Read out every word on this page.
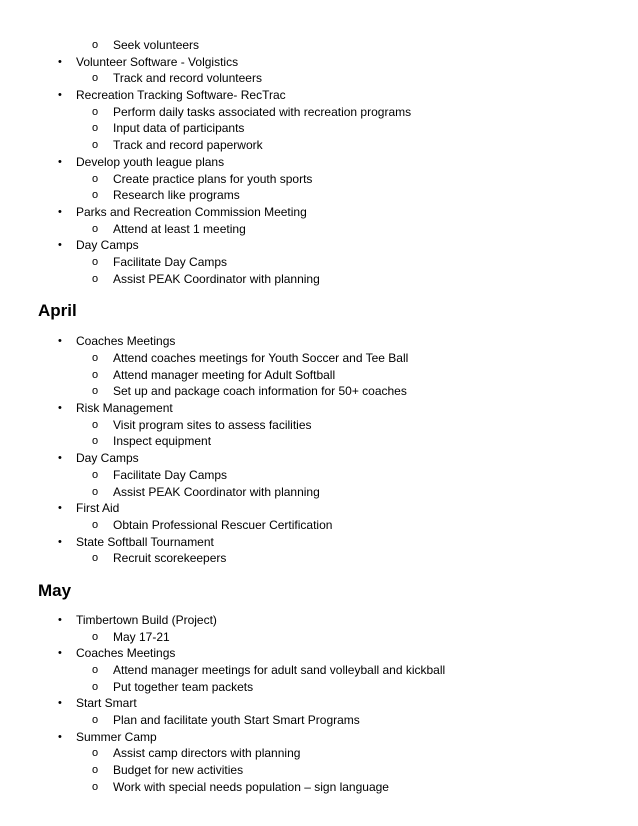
o Seek volunteers
• Volunteer Software - Volgistics
o Track and record volunteers
• Recreation Tracking Software- RecTrac
o Perform daily tasks associated with recreation programs
o Input data of participants
o Track and record paperwork
• Develop youth league plans
o Create practice plans for youth sports
o Research like programs
• Parks and Recreation Commission Meeting
o Attend at least 1 meeting
• Day Camps
o Facilitate Day Camps
o Assist PEAK Coordinator with planning
April
• Coaches Meetings
o Attend coaches meetings for Youth Soccer and Tee Ball
o Attend manager meeting for Adult Softball
o Set up and package coach information for 50+ coaches
• Risk Management
o Visit program sites to assess facilities
o Inspect equipment
• Day Camps
o Facilitate Day Camps
o Assist PEAK Coordinator with planning
• First Aid
o Obtain Professional Rescuer Certification
• State Softball Tournament
o Recruit scorekeepers
May
• Timbertown Build (Project)
o May 17-21
• Coaches Meetings
o Attend manager meetings for adult sand volleyball and kickball
o Put together team packets
• Start Smart
o Plan and facilitate youth Start Smart Programs
• Summer Camp
o Assist camp directors with planning
o Budget for new activities
o Work with special needs population – sign language
